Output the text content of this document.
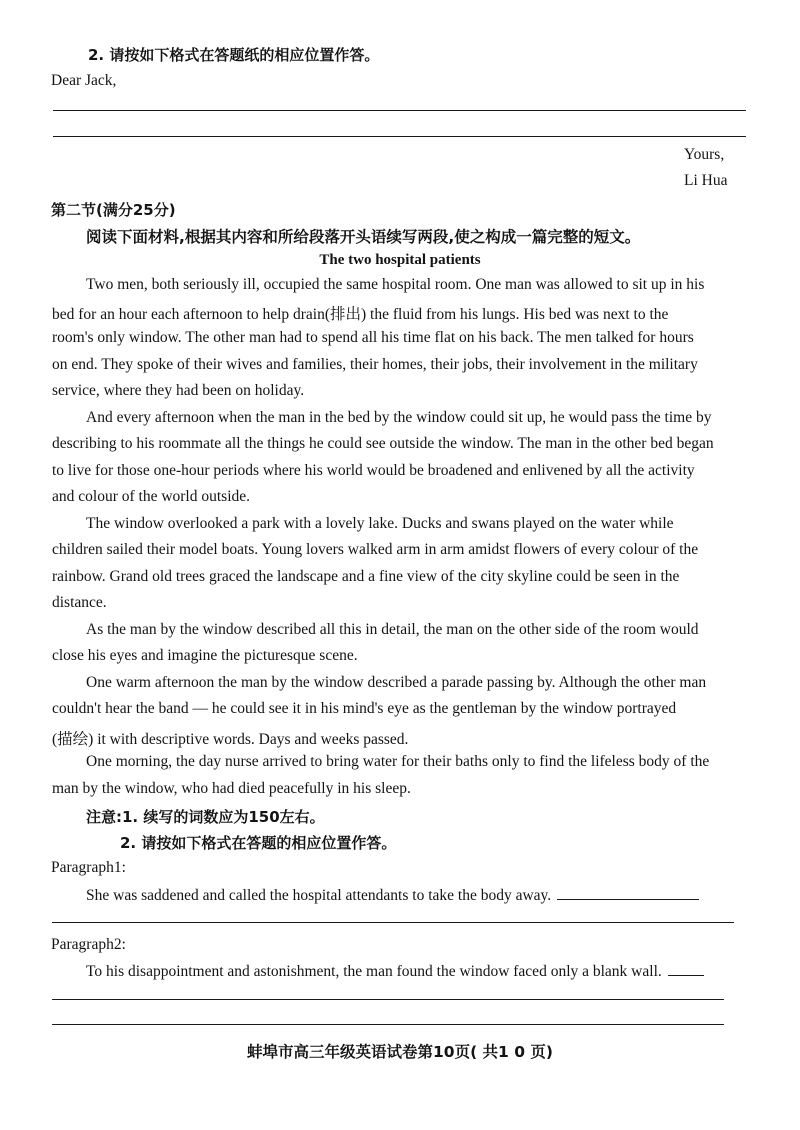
2. 请按如下格式在答题纸的相应位置作答。
Dear Jack,
Yours,
Li Hua
第二节(满分25分)
阅读下面材料,根据其内容和所给段落开头语续写两段,使之构成一篇完整的短文。
The two hospital patients
Two men, both seriously ill, occupied the same hospital room. One man was allowed to sit up in his
bed for an hour each afternoon to help drain(排出) the fluid from his lungs. His bed was next to the
room's only window. The other man had to spend all his time flat on his back. The men talked for hours
on end. They spoke of their wives and families, their homes, their jobs, their involvement in the military
service, where they had been on holiday.
And every afternoon when the man in the bed by the window could sit up, he would pass the time by
describing to his roommate all the things he could see outside the window. The man in the other bed began
to live for those one-hour periods where his world would be broadened and enlivened by all the activity
and colour of the world outside.
The window overlooked a park with a lovely lake. Ducks and swans played on the water while
children sailed their model boats. Young lovers walked arm in arm amidst flowers of every colour of the
rainbow. Grand old trees graced the landscape and a fine view of the city skyline could be seen in the
distance.
As the man by the window described all this in detail, the man on the other side of the room would
close his eyes and imagine the picturesque scene.
One warm afternoon the man by the window described a parade passing by. Although the other man
couldn't hear the band — he could see it in his mind's eye as the gentleman by the window portrayed
(描绘) it with descriptive words. Days and weeks passed.
One morning, the day nurse arrived to bring water for their baths only to find the lifeless body of the
man by the window, who had died peacefully in his sleep.
注意:1. 续写的词数应为150左右。
2. 请按如下格式在答题的相应位置作答。
Paragraph1:
She was saddened and called the hospital attendants to take the body away.
Paragraph2:
To his disappointment and astonishment, the man found the window faced only a blank wall.
蚌埠市高三年级英语试卷第10页( 共1 0 页)
